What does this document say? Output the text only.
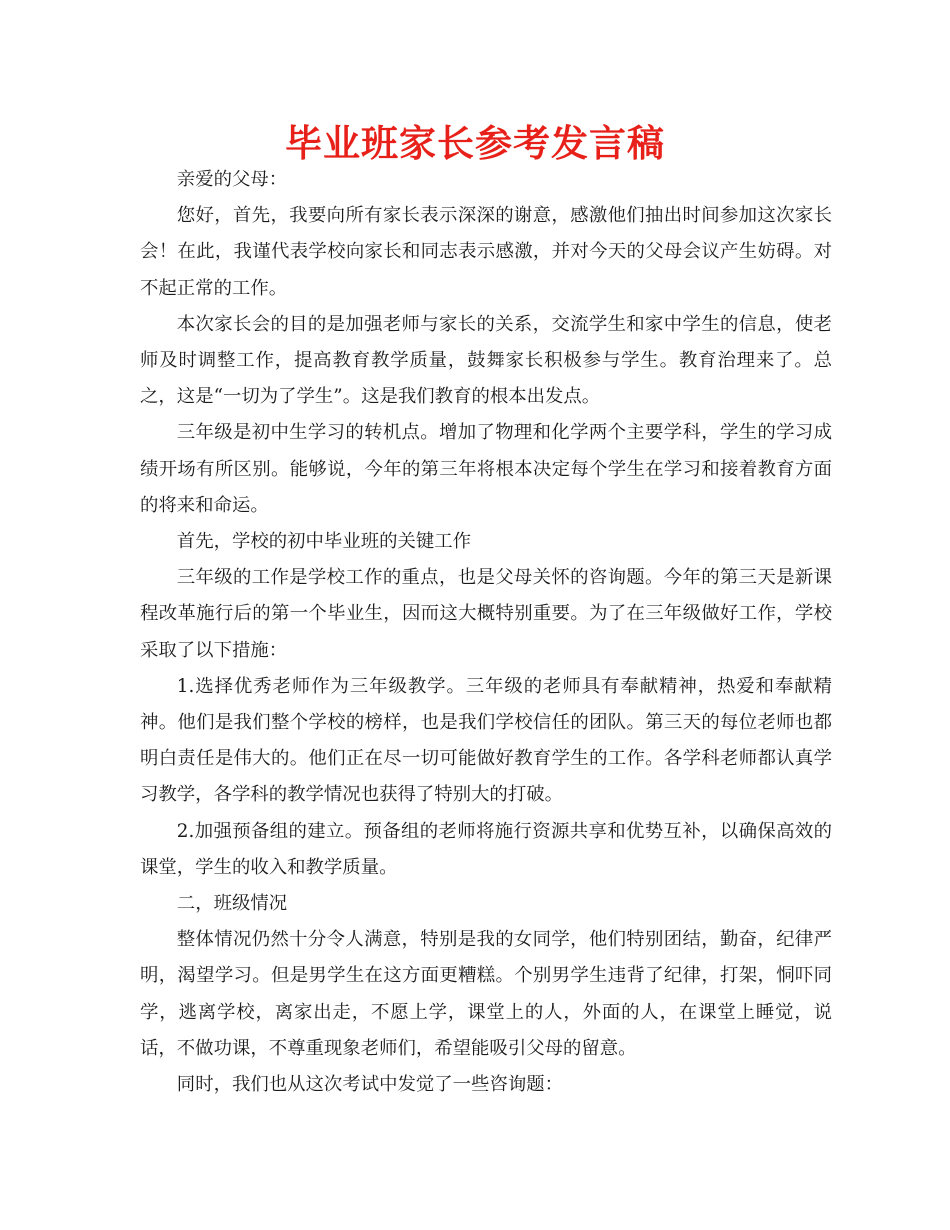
毕业班家长参考发言稿

亲爱的父母：

您好，首先，我要向所有家长表示深深的谢意，感激他们抽出时间参加这次家长会！在此，我谨代表学校向家长和同志表示感激，并对今天的父母会议产生妨碍。对不起正常的工作。

本次家长会的目的是加强老师与家长的关系，交流学生和家中学生的信息，使老师及时调整工作，提高教育教学质量，鼓舞家长积极参与学生。教育治理来了。总之，这是“一切为了学生”。这是我们教育的根本出发点。

三年级是初中生学习的转机点。增加了物理和化学两个主要学科，学生的学习成绩开场有所区别。能够说，今年的第三年将根本决定每个学生在学习和接着教育方面的将来和命运。

首先，学校的初中毕业班的关键工作

三年级的工作是学校工作的重点，也是父母关怀的咨询题。今年的第三天是新课程改革施行后的第一个毕业生，因而这大概特别重要。为了在三年级做好工作，学校采取了以下措施：

1.选择优秀老师作为三年级教学。三年级的老师具有奉献精神，热爱和奉献精神。他们是我们整个学校的榜样，也是我们学校信任的团队。第三天的每位老师也都明白责任是伟大的。他们正在尽一切可能做好教育学生的工作。各学科老师都认真学习教学，各学科的教学情况也获得了特别大的打破。

2.加强预备组的建立。预备组的老师将施行资源共享和优势互补，以确保高效的课堂，学生的收入和教学质量。

二，班级情况

整体情况仍然十分令人满意，特别是我的女同学，他们特别团结，勤奋，纪律严明，渴望学习。但是男学生在这方面更糟糕。个别男学生违背了纪律，打架，恫吓同学，逃离学校，离家出走，不愿上学，课堂上的人，外面的人，在课堂上睡觉，说话，不做功课，不尊重现象老师们，希望能吸引父母的留意。

同时，我们也从这次考试中发觉了一些咨询题：
